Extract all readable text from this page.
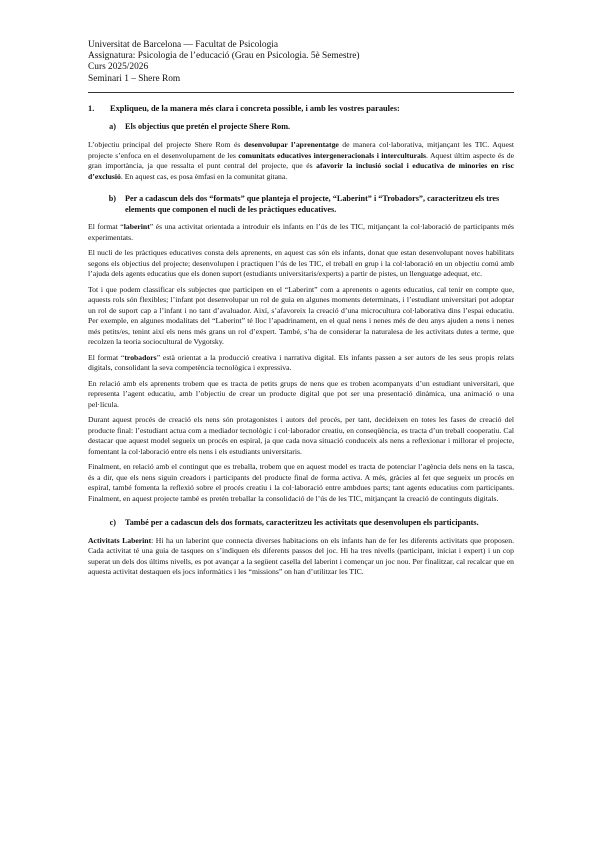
Universitat de Barcelona — Facultat de Psicologia
Assignatura: Psicologia de l’educació (Grau en Psicologia. 5è Semestre)
Curs 2025/2026
Seminari 1 – Shere Rom
1.	Expliqueu, de la manera més clara i concreta possible, i amb les vostres paraules:
a)	Els objectius que pretén el projecte Shere Rom.

L’objectiu principal del projecte Shere Rom és desenvolupar l’aprenentatge de manera col·laborativa, mitjançant les TIC. Aquest projecte s’enfoca en el desenvolupament de les comunitats educatives intergeneracionals i interculturals. Aquest últim aspecte és de gran importància, ja que ressalta el punt central del projecte, que és afavorir la inclusió social i educativa de minories en risc d’exclusió. En aquest cas, es posa èmfasi en la comunitat gitana.

b)	Per a cadascun dels dos “formats” que planteja el projecte, “Laberint” i “Trobadors”, caracteritzeu els tres elements que componen el nucli de les pràctiques educatives.

El format “laberint” és una activitat orientada a introduir els infants en l’ús de les TIC, mitjançant la col·laboració de participants més experimentats.

El nucli de les pràctiques educatives consta dels aprenents, en aquest cas són els infants, donat que estan desenvolupant noves habilitats segons els objectius del projecte; desenvolupen i practiquen l’ús de les TIC, el treball en grup i la col·laboració en un objectiu comú amb l’ajuda dels agents educatius que els donen suport (estudiants universitaris/experts) a partir de pistes, un llenguatge adequat, etc.

Tot i que podem classificar els subjectes que participen en el “Laberint” com a aprenents o agents educatius, cal tenir en compte que, aquests rols són flexibles; l’infant pot desenvolupar un rol de guia en algunes moments determinats, i l’estudiant universitari pot adoptar un rol de suport cap a l’infant i no tant d’avaluador. Així, s’afavoreix la creació d’una microcultura col·laborativa dins l’espai educatiu. Per exemple, en algunes modalitats del “Laberint” té lloc l’apadrinament, en el qual nens i nenes més de deu anys ajuden a nens i nenes més petits/es, tenint així els nens més grans un rol d’expert. També, s’ha de considerar la naturalesa de les activitats dutes a terme, que recolzen la teoria sociocultural de Vygotsky.

El format “trobadors” està orientat a la producció creativa i narrativa digital. Els infants passen a ser autors de les seus propis relats digitals, consolidant la seva competència tecnològica i expressiva.

En relació amb els aprenents trobem que es tracta de petits grups de nens que es troben acompanyats d’un estudiant universitari, que representa l’agent educatiu, amb l’objectiu de crear un producte digital que pot ser una presentació dinàmica, una animació o una pel·lícula.

Durant aquest procés de creació els nens són protagonistes i autors del procés, per tant, decideixen en totes les fases de creació del producte final: l’estudiant actua com a mediador tecnològic i col·laborador creatiu, en conseqüència, es tracta d’un treball cooperatiu. Cal destacar que aquest model segueix un procés en espiral, ja que cada nova situació conduceix als nens a reflexionar i millorar el projecte, fomentant la col·laboració entre els nens i els estudiants universitaris.

Finalment, en relació amb el contingut que es treballa, trobem que en aquest model es tracta de potenciar l’agència dels nens en la tasca, és a dir, que els nens siguin creadors i participants del producte final de forma activa. A més, gràcies al fet que segueix un procés en espiral, també fomenta la reflexió sobre el procés creatiu i la col·laboració entre ambdues parts; tant agents educatius com participants. Finalment, en aquest projecte també es pretén treballar la consolidació de l’ús de les TIC, mitjançant la creació de continguts digitals.

c)	També per a cadascun dels dos formats, caracteritzeu les activitats que desenvolupen els participants.

Activitats Laberint: Hi ha un laberint que connecta diverses habitacions on els infants han de fer les diferents activitats que proposen. Cada activitat té una guia de tasques on s’indiquen els diferents passos del joc. Hi ha tres nivells (participant, iniciat i expert) i un cop superat un dels dos últims nivells, es pot avançar a la següent casella del laberint i començar un joc nou. Per finalitzar, cal recalcar que en aquesta activitat destaquen els jocs informàtics i les “missions” on han d’utilitzar les TIC.
